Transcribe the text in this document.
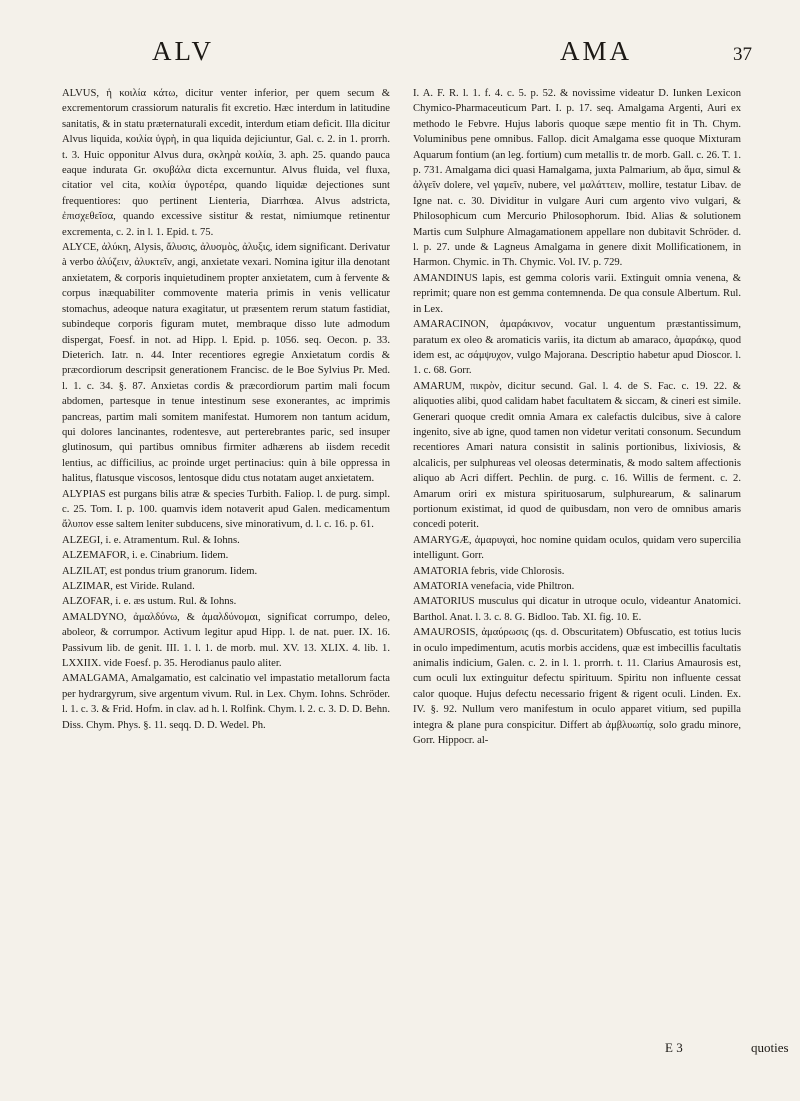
ALV	AMA	37

ALVUS, ἡ κοιλία κάτω, dicitur venter inferior, per quem secum & excrementorum crassiorum naturalis fit excretio. Hæc interdum in latitudine sanitatis, & in statu præternaturali excedit, interdum etiam deficit. Illa dicitur Alvus liquida, κοιλία ὑγρὴ, in qua liquida dejiciuntur, Gal. c. 2. in 1. prorrh. t. 3. Huic opponitur Alvus dura, σκληρὰ κοιλία, 3. aph. 25. quando pauca eaque indurata Gr. σκυβάλα dicta excernuntur. Alvus fluida, vel fluxa, citatior vel cita, κοιλία ὑγροτέρα, quando liquidæ dejectiones sunt frequentiores: quo pertinent Lienteria, Diarrhœa. Alvus adstricta, ἐπισχεθεῖσα, quando excessive sistitur & restat, nimiumque retinentur excrementa, c. 2. in l. 1. Epid. t. 75.

ALYCE, ἀλύκη, Alysis, ἄλυσις, ἀλυσμὸς, ἀλυξις, idem significant. Derivatur à verbo ἀλύζειν, ἀλυκτεῖν, angi, anxietate vexari. Nomina igitur illa denotant anxietatem, & corporis inquietudinem propter anxietatem, cum à fervente & corpus inæquabiliter commovente materia primis in venis vellicatur stomachus, adeoque natura exagitatur, ut præsentem rerum statum fastidiat, subindeque corporis figuram mutet, membraque disso lute admodum dispergat, Foesf. in not. ad Hipp. l. Epid. p. 1056. seq. Oecon. p. 33. Dieterich. Iatr. n. 44. Inter recentiores egregie Anxietatum cordis & præcordiorum descripsit generationem Francisc. de le Boe Sylvius Pr. Med. l. 1. c. 34. §. 87. Anxietas cordis & præcordiorum partim mali focum abdomen, partesque in tenue intestinum sese exonerantes, ac imprimis pancreas, partim mali somitem manifestat. Humorem non tantum acidum, qui dolores lancinantes, rodentesve, aut perterebrantes paric, sed insuper glutinosum, qui partibus omnibus firmiter adhærens ab iisdem recedit lentius, ac difficilius, ac proinde urget pertinacius: quin à bile oppressa in halitus, flatusque viscosos, lentosque didu ctus notatam auget anxietatem.

ALYPIAS est purgans bilis atræ & species Turbith. Faliop. l. de purg. simpl. c. 25. Tom. I. p. 100. quamvis idem notaverit apud Galen. medicamentum ἄλυπον esse saltem leniter subducens, sive minorativum, d. l. c. 16. p. 61.

ALZEGI, i. e. Atramentum. Rul. & Iohns.

ALZEMAFOR, i. e. Cinabrium. Iidem.

ALZILAT, est pondus trium granorum. Iidem.

ALZIMAR, est Viride. Ruland.

ALZOFAR, i. e. æs ustum. Rul. & Iohns.

AMALDYNO, ἀμαλδύνω, & ἀμαλδύνομαι, significat corrumpo, deleo, aboleor, & corrumpor. Activum legitur apud Hipp. l. de nat. puer. IX. 16. Passivum lib. de genit. III. 1. l. 1. de morb. mul. XV. 13. XLIX. 4. lib. 1. LXXIIX. vide Foesf. p. 35. Herodianus paulo aliter.

AMALGAMA, Amalgamatio, est calcinatio vel impastatio metallorum facta per hydrargyrum, sive argentum vivum. Rul. in Lex. Chym. Iohns. Schröder. l. 1. c. 3. & Frid. Hofm. in clav. ad h. l. Rolfink. Chym. l. 2. c. 3. D. D. Behn. Diss. Chym. Phys. §. 11. seqq. D. D. Wedel. Ph.

I. A. F. R. l. 1. f. 4. c. 5. p. 52. & novissime videatur D. Iunken Lexicon Chymico-Pharmaceuticum Part. I. p. 17. seq. Amalgama Argenti, Auri ex methodo le Febvre. Hujus laboris quoque sæpe mentio fit in Th. Chym. Voluminibus pene omnibus. Fallop. dicit Amalgama esse quoque Mixturam Aquarum fontium (an leg. fortium) cum metallis tr. de morb. Gall. c. 26. T. 1. p. 731. Amalgama dici quasi Hamalgama, juxta Palmarium, ab ἅμα, simul & ἀλγεῖν dolere, vel γαμεῖν, nubere, vel μαλάττειν, mollire, testatur Libav. de Igne nat. c. 30. Dividitur in vulgare Auri cum argento vivo vulgari, & Philosophicum cum Mercurio Philosophorum. Ibid. Alias & solutionem Martis cum Sulphure Almagamationem appellare non dubitavit Schröder. d. l. p. 27. unde & Lagneus Amalgama in genere dixit Mollificationem, in Harmon. Chymic. in Th. Chymic. Vol. IV. p. 729.

AMANDINUS lapis, est gemma coloris varii. Extinguit omnia venena, & reprimit; quare non est gemma contemnenda. De qua consule Albertum. Rul. in Lex.

AMARACINON, ἀμαράκινον, vocatur unguentum præstantissimum, paratum ex oleo & aromaticis variis, ita dictum ab amaraco, ἀμαράκῳ, quod idem est, ac σάμψυχον, vulgo Majorana. Descriptio habetur apud Dioscor. l. 1. c. 68. Gorr.

AMARUM, πικρὸν, dicitur secund. Gal. l. 4. de S. Fac. c. 19. 22. & aliquoties alibi, quod calidam habet facultatem & siccam, & cineri est simile. Generari quoque credit omnia Amara ex calefactis dulcibus, sive à calore ingenito, sive ab igne, quod tamen non videtur veritati consonum. Secundum recentiores Amari natura consistit in salinis portionibus, lixiviosis, & alcalicis, per sulphureas vel oleosas determinatis, & modo saltem affectionis aliquo ab Acri differt. Pechlin. de purg. c. 16. Willis de ferment. c. 2. Amarum oriri ex mistura spirituosarum, sulphurearum, & salinarum portionum existimat, id quod de quibusdam, non vero de omnibus amaris concedi poterit.

AMARYGÆ, ἀμαρυγαὶ, hoc nomine quidam oculos, quidam vero supercilia intelligunt. Gorr.

AMATORIA febris, vide Chlorosis.

AMATORIA venefacia, vide Philtron.

AMATORIUS musculus qui dicatur in utroque oculo, videantur Anatomici. Barthol. Anat. l. 3. c. 8. G. Bidloo. Tab. XI. fig. 10. E.

AMAUROSIS, ἀμαύρωσις (qs. d. Obscuritatem) Obfuscatio, est totius lucis in oculo impedimentum, acutis morbis accidens, quæ est imbecillis facultatis animalis indicium, Galen. c. 2. in l. 1. prorrh. t. 11. Clarius Amaurosis est, cum oculi lux extinguitur defectu spirituum. Spiritu non influente cessat calor quoque. Hujus defectu necessario frigent & rigent oculi. Linden. Ex. IV. §. 92. Nullum vero manifestum in oculo apparet vitium, sed pupilla integra & plane pura conspicitur. Differt ab ἀμβλυωπίᾳ, solo gradu minore, Gorr. Hippocr. al-

E 3	quoties
